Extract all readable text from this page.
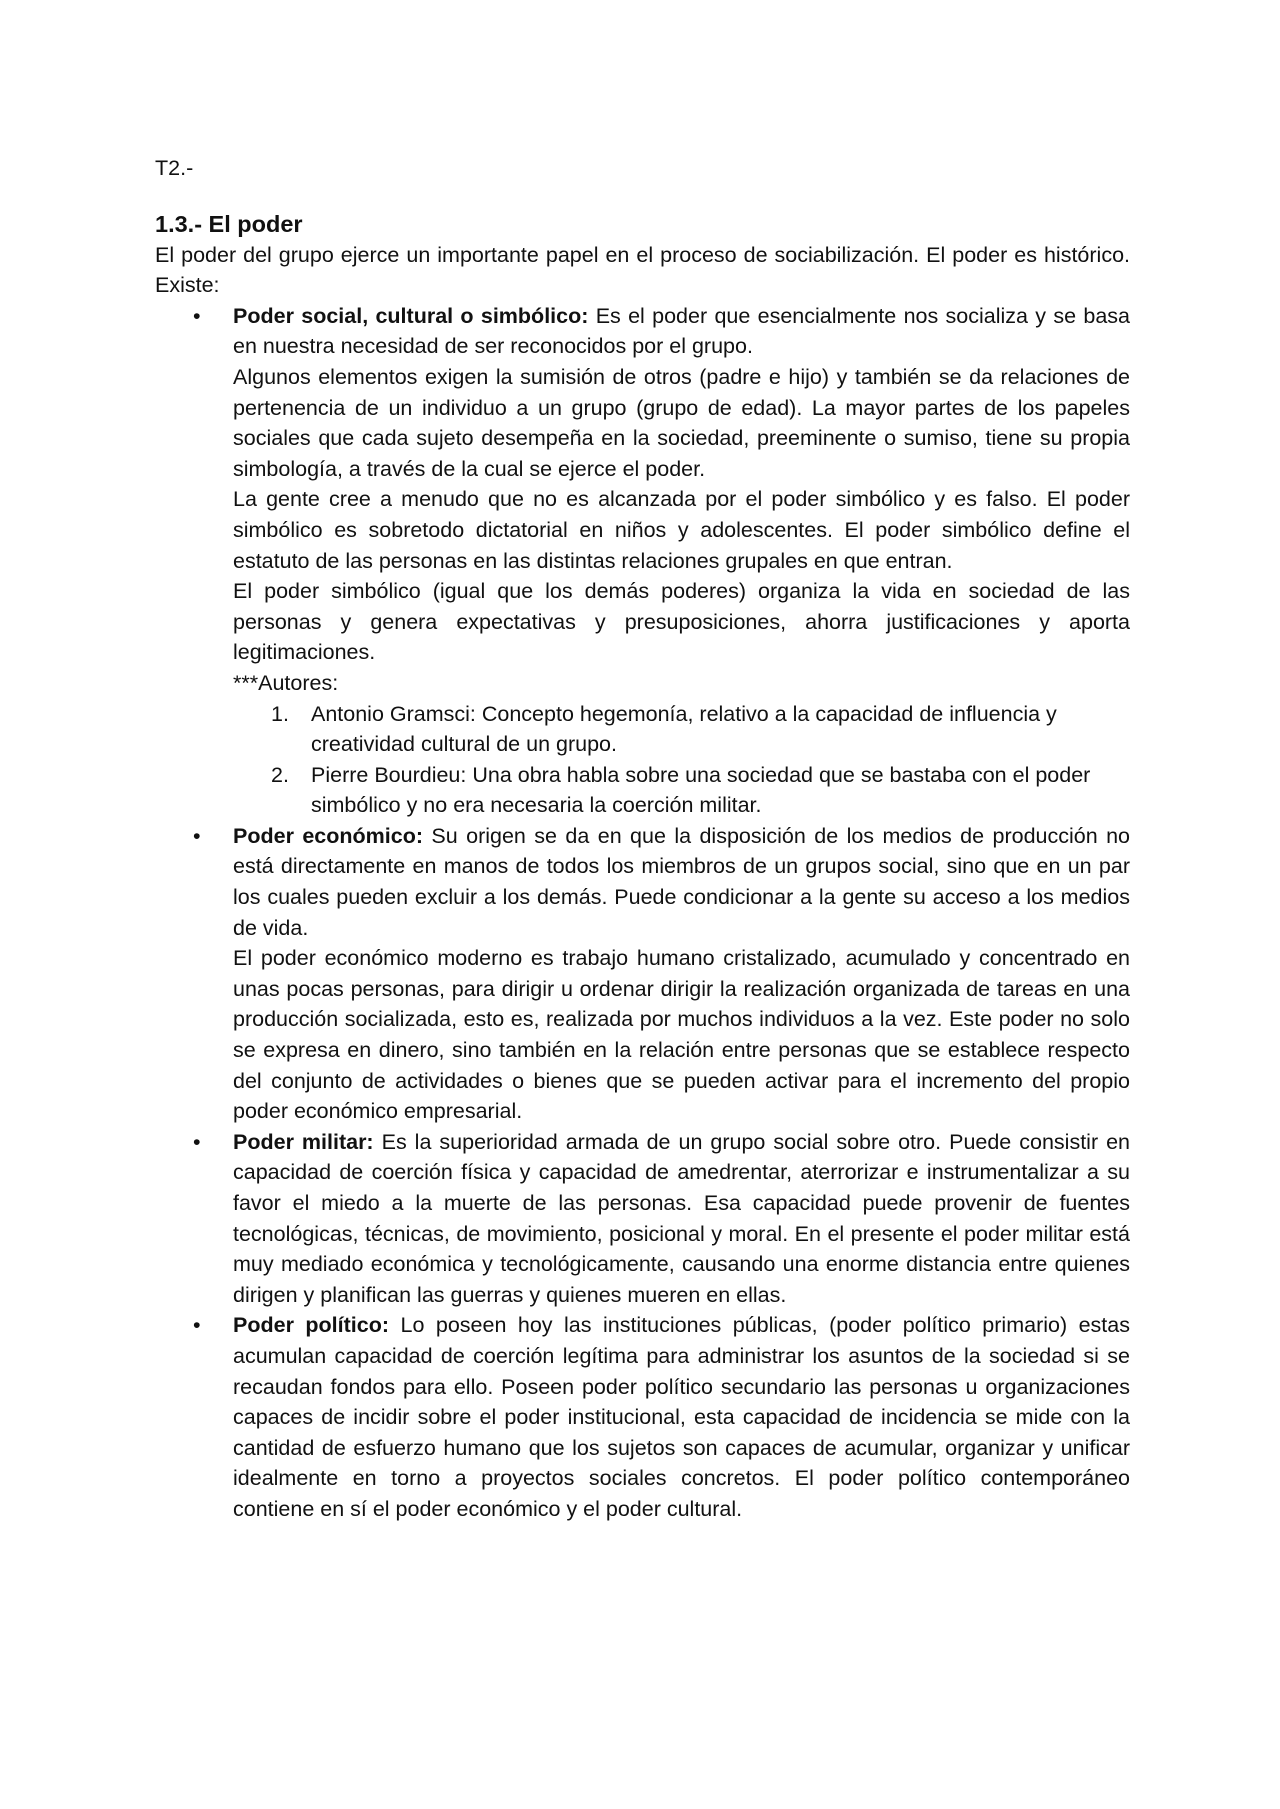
T2.-

1.3.- El poder

El poder del grupo ejerce un importante papel en el proceso de sociabilización. El poder es histórico. Existe:

• Poder social, cultural o simbólico: Es el poder que esencialmente nos socializa y se basa en nuestra necesidad de ser reconocidos por el grupo.

Algunos elementos exigen la sumisión de otros (padre e hijo) y también se da relaciones de pertenencia de un individuo a un grupo (grupo de edad). La mayor partes de los papeles sociales que cada sujeto desempeña en la sociedad, preeminente o sumiso, tiene su propia simbología, a través de la cual se ejerce el poder.

La gente cree a menudo que no es alcanzada por el poder simbólico y es falso. El poder simbólico es sobretodo dictatorial en niños y adolescentes. El poder simbólico define el estatuto de las personas en las distintas relaciones grupales en que entran.

El poder simbólico (igual que los demás poderes) organiza la vida en sociedad de las personas y genera expectativas y presuposiciones, ahorra justificaciones y aporta legitimaciones.

***Autores:

1. Antonio Gramsci: Concepto hegemonía, relativo a la capacidad de influencia y creatividad cultural de un grupo.
2. Pierre Bourdieu: Una obra habla sobre una sociedad que se bastaba con el poder simbólico y no era necesaria la coerción militar.
• Poder económico: Su origen se da en que la disposición de los medios de producción no está directamente en manos de todos los miembros de un grupos social, sino que en un par los cuales pueden excluir a los demás. Puede condicionar a la gente su acceso a los medios de vida.

El poder económico moderno es trabajo humano cristalizado, acumulado y concentrado en unas pocas personas, para dirigir u ordenar dirigir la realización organizada de tareas en una producción socializada, esto es, realizada por muchos individuos a la vez. Este poder no solo se expresa en dinero, sino también en la relación entre personas que se establece respecto del conjunto de actividades o bienes que se pueden activar para el incremento del propio poder económico empresarial.

• Poder militar: Es la superioridad armada de un grupo social sobre otro. Puede consistir en capacidad de coerción física y capacidad de amedrentar, aterrorizar e instrumentalizar a su favor el miedo a la muerte de las personas. Esa capacidad puede provenir de fuentes tecnológicas, técnicas, de movimiento, posicional y moral. En el presente el poder militar está muy mediado económica y tecnológicamente, causando una enorme distancia entre quienes dirigen y planifican las guerras y quienes mueren en ellas.

• Poder político: Lo poseen hoy las instituciones públicas, (poder político primario) estas acumulan capacidad de coerción legítima para administrar los asuntos de la sociedad si se recaudan fondos para ello. Poseen poder político secundario las personas u organizaciones capaces de incidir sobre el poder institucional, esta capacidad de incidencia se mide con la cantidad de esfuerzo humano que los sujetos son capaces de acumular, organizar y unificar idealmente en torno a proyectos sociales concretos. El poder político contemporáneo contiene en sí el poder económico y el poder cultural.
